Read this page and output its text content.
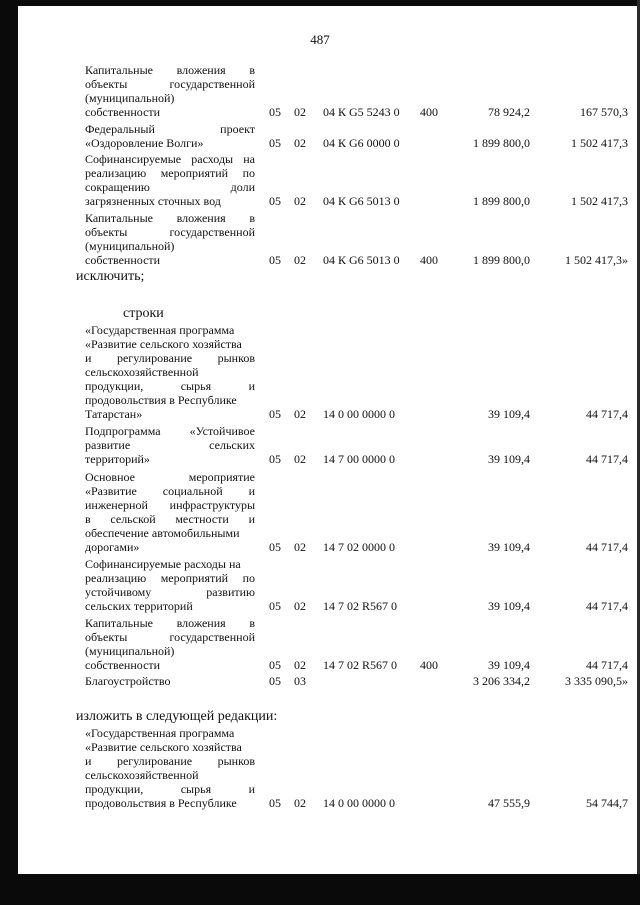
487
Капитальные вложения в
объекты государственной
(муниципальной)
собственности	05 02 04 К G5 5243 0 400	78 924,2	167 570,3
Федеральный проект
«Оздоровление Волги»	05 02 04 К G6 0000 0	1 899 800,0	1 502 417,3
Софинансируемые расходы на
реализацию мероприятий по
сокращению доли
загрязненных сточных вод	05 02 04 К G6 5013 0	1 899 800,0	1 502 417,3
Капитальные вложения в
объекты государственной
(муниципальной)
собственности	05 02 04 К G6 5013 0 400	1 899 800,0	1 502 417,3»
исключить;
строки
«Государственная программа
«Развитие сельского хозяйства
и регулирование рынков
сельскохозяйственной
продукции, сырья и
продовольствия в Республике
Татарстан»	05 02 14 0 00 0000 0	39 109,4	44 717,4
Подпрограмма «Устойчивое
развитие сельских
территорий»	05 02 14 7 00 0000 0	39 109,4	44 717,4
Основное мероприятие
«Развитие социальной и
инженерной инфраструктуры
в сельской местности и
обеспечение автомобильными
дорогами»	05 02 14 7 02 0000 0	39 109,4	44 717,4
Софинансируемые расходы на
реализацию мероприятий по
устойчивому развитию
сельских территорий	05 02 14 7 02 R567 0	39 109,4	44 717,4
Капитальные вложения в
объекты государственной
(муниципальной)
собственности	05 02 14 7 02 R567 0 400	39 109,4	44 717,4
Благоустройство	05 03	3 206 334,2	3 335 090,5»
изложить в следующей редакции:
«Государственная программа
«Развитие сельского хозяйства
и регулирование рынков
сельскохозяйственной
продукции, сырья и
продовольствия в Республике	05 02 14 0 00 0000 0	47 555,9	54 744,7
